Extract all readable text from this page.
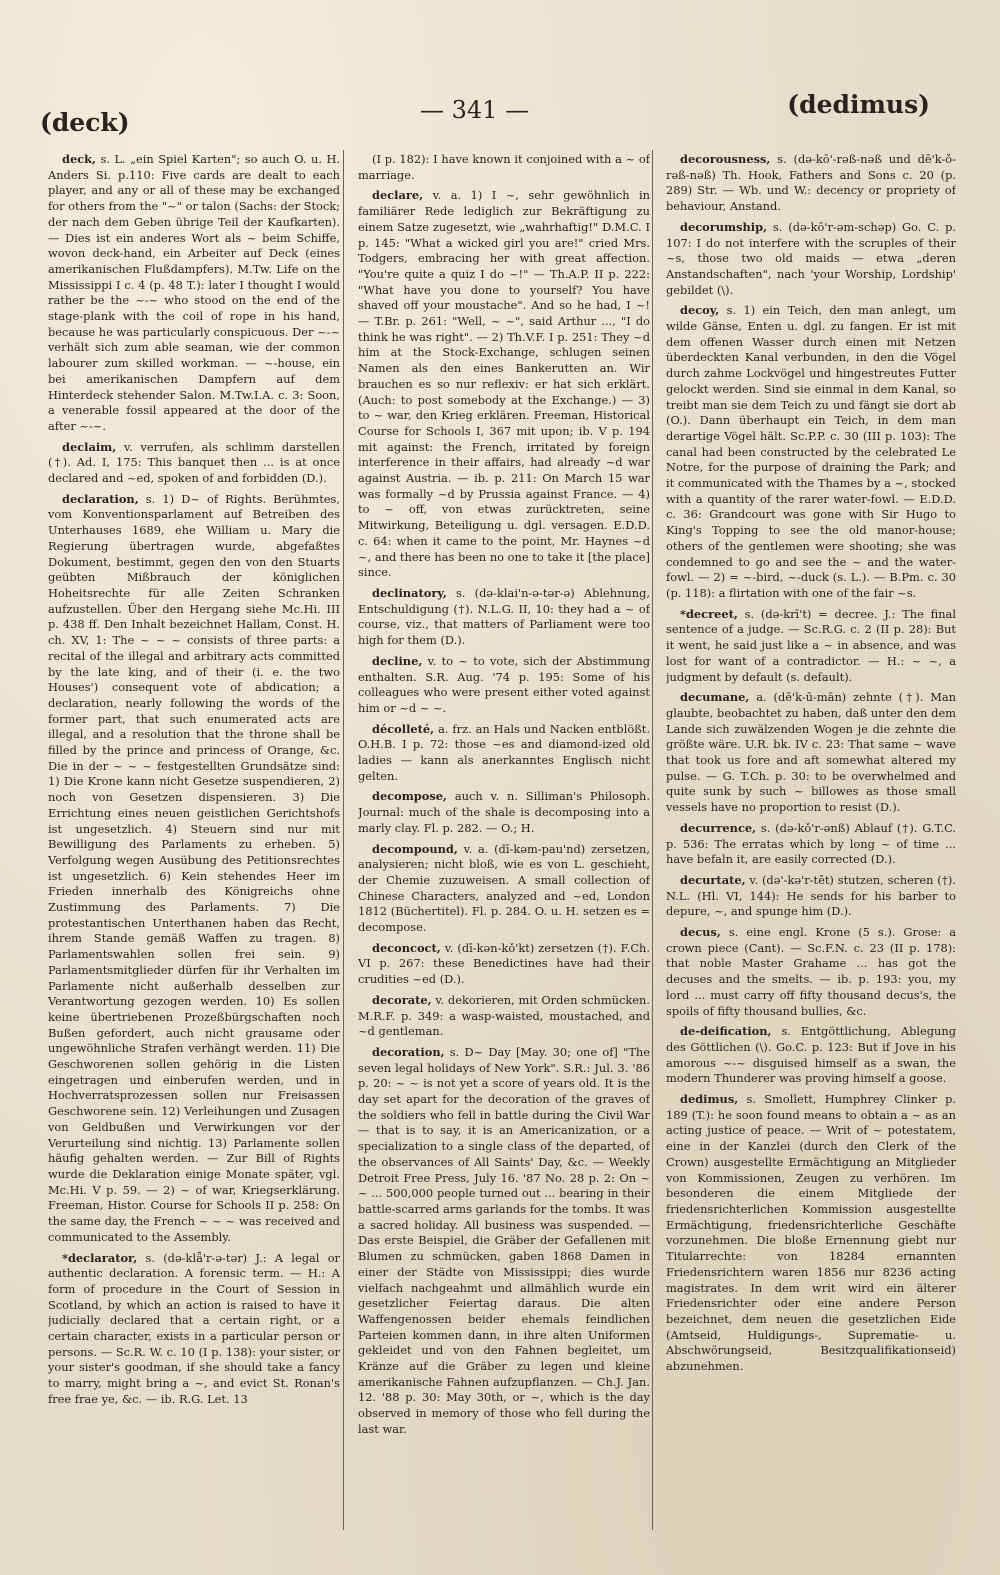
(deck)	— 341 —	(dedimus)

deck, s. L. „ein Spiel Karten"; so auch O. u. H. Anders Si. p.110: Five cards are dealt to each player, and any or all of these may be exchanged for others from the "~" or talon (Sachs: der Stock; der nach dem Geben übrige Teil der Kaufkarten). — Dies ist ein anderes Wort als ~ beim Schiffe, wovon deck-hand, ein Arbeiter auf Deck (eines amerikanischen Flußdampfers). M.Tw. Life on the Mississippi I c. 4 (p. 48 T.): later I thought I would rather be the ~-~ who stood on the end of the stage-plank with the coil of rope in his hand, because he was particularly conspicuous. Der ~-~ verhält sich zum able seaman, wie der common labourer zum skilled workman. — ~-house, ein bei amerikanischen Dampfern auf dem Hinterdeck stehender Salon. M.Tw.I.A. c. 3: Soon, a venerable fossil appeared at the door of the after ~-~.

declaim, v. verrufen, als schlimm darstellen (†). Ad. I, 175: This banquet then ... is at once declared and ~ed, spoken of and forbidden (D.).

declaration, s. 1) D~ of Rights. Berühmtes, vom Konventionsparlament auf Betreiben des Unterhauses 1689, ehe William u. Mary die Regierung übertragen wurde, abgefaßtes Dokument, bestimmt, gegen den von den Stuarts geübten Mißbrauch der königlichen Hoheitsrechte für alle Zeiten Schranken aufzustellen. Über den Hergang siehe Mc.Hi. III p. 438 ff. Den Inhalt bezeichnet Hallam, Const. H. ch. XV, 1: The ~ ~ ~ consists of three parts: a recital of the illegal and arbitrary acts committed by the late king, and of their (i. e. the two Houses') consequent vote of abdication; a declaration, nearly following the words of the former part, that such enumerated acts are illegal, and a resolution that the throne shall be filled by the prince and princess of Orange, &c. Die in der ~ ~ ~ festgestellten Grundsätze sind: 1) Die Krone kann nicht Gesetze suspendieren, 2) noch von Gesetzen dispensieren. 3) Die Errichtung eines neuen geistlichen Gerichtshofs ist ungesetzlich. 4) Steuern sind nur mit Bewilligung des Parlaments zu erheben. 5) Verfolgung wegen Ausübung des Petitionsrechtes ist ungesetzlich. 6) Kein stehendes Heer im Frieden innerhalb des Königreichs ohne Zustimmung des Parlaments. 7) Die protestantischen Unterthanen haben das Recht, ihrem Stande gemäß Waffen zu tragen. 8) Parlamentswahlen sollen frei sein. 9) Parlamentsmitglieder dürfen für ihr Verhalten im Parlamente nicht außerhalb desselben zur Verantwortung gezogen werden. 10) Es sollen keine übertriebenen Prozeßbürgschaften noch Bußen gefordert, auch nicht grausame oder ungewöhnliche Strafen verhängt werden. 11) Die Geschworenen sollen gehörig in die Listen eingetragen und einberufen werden, und in Hochverratsprozessen sollen nur Freisassen Geschworene sein. 12) Verleihungen und Zusagen von Geldbußen und Verwirkungen vor der Verurteilung sind nichtig. 13) Parlamente sollen häufig gehalten werden. — Zur Bill of Rights wurde die Deklaration einige Monate später, vgl. Mc.Hi. V p. 59. — 2) ~ of war, Kriegserklärung. Freeman, Histor. Course for Schools II p. 258: On the same day, the French ~ ~ ~ was received and communicated to the Assembly.

*declarator, s. (dǝ-klǟ'r-ǝ-tǝr) J.: A legal or authentic declaration. A forensic term. — H.: A form of procedure in the Court of Session in Scotland, by which an action is raised to have it judicially declared that a certain right, or a certain character, exists in a particular person or persons. — Sc.R. W. c. 10 (I p. 138): your sister, or your sister's goodman, if she should take a fancy to marry, might bring a ~, and evict St. Ronan's free frae ye, &c. — ib. R.G. Let. 13

(I p. 182): I have known it conjoined with a ~ of marriage.

declare, v. a. 1) I ~, sehr gewöhnlich in familiärer Rede lediglich zur Bekräftigung zu einem Satze zugesetzt, wie „wahrhaftig!" D.M.C. I p. 145: "What a wicked girl you are!" cried Mrs. Todgers, embracing her with great affection. "You're quite a quiz I do ~!" — Th.A.P. II p. 222: "What have you done to yourself? You have shaved off your moustache". And so he had, I ~! — T.Br. p. 261: "Well, ~ ~", said Arthur ..., "I do think he was right". — 2) Th.V.F. I p. 251: They ~d him at the Stock-Exchange, schlugen seinen Namen als den eines Bankerutten an. Wir brauchen es so nur reflexiv: er hat sich erklärt. (Auch: to post somebody at the Exchange.) — 3) to ~ war, den Krieg erklären. Freeman, Historical Course for Schools I, 367 mit upon; ib. V p. 194 mit against: the French, irritated by foreign interference in their affairs, had already ~d war against Austria. — ib. p. 211: On March 15 war was formally ~d by Prussia against France. — 4) to ~ off, von etwas zurücktreten, seine Mitwirkung, Beteiligung u. dgl. versagen. E.D.D. c. 64: when it came to the point, Mr. Haynes ~d ~, and there has been no one to take it [the place] since.

declinatory, s. (dǝ-klai'n-ǝ-tǝr-ǝ) Ablehnung, Entschuldigung (†). N.L.G. II, 10: they had a ~ of course, viz., that matters of Parliament were too high for them (D.).

decline, v. to ~ to vote, sich der Abstimmung enthalten. S.R. Aug. '74 p. 195: Some of his colleagues who were present either voted against him or ~d ~ ~.

décolleté, a. frz. an Hals und Nacken entblößt. O.H.B. I p. 72: those ~es and diamond-ized old ladies — kann als anerkanntes Englisch nicht gelten.

decompose, auch v. n. Silliman's Philosoph. Journal: much of the shale is decomposing into a marly clay. Fl. p. 282. — O.; H.

decompound, v. a. (dī-kǝm-pau'nd) zersetzen, analysieren; nicht bloß, wie es von L. geschieht, der Chemie zuzuweisen. A small collection of Chinese Characters, analyzed and ~ed, London 1812 (Büchertitel). Fl. p. 284. O. u. H. setzen es = decompose.

deconcoct, v. (dī-kǝn-kǒ'kt) zersetzen (†). F.Ch. VI p. 267: these Benedictines have had their crudities ~ed (D.).

decorate, v. dekorieren, mit Orden schmücken. M.R.F. p. 349: a wasp-waisted, moustached, and ~d gentleman.

decoration, s. D~ Day [May. 30; one of] "The seven legal holidays of New York". S.R.: Jul. 3. '86 p. 20: ~ ~ is not yet a score of years old. It is the day set apart for the decoration of the graves of the soldiers who fell in battle during the Civil War — that is to say, it is an Americanization, or a specialization to a single class of the departed, of the observances of All Saints' Day, &c. — Weekly Detroit Free Press, July 16. '87 No. 28 p. 2: On ~ ~ ... 500,000 people turned out ... bearing in their battle-scarred arms garlands for the tombs. It was a sacred holiday. All business was suspended. — Das erste Beispiel, die Gräber der Gefallenen mit Blumen zu schmücken, gaben 1868 Damen in einer der Städte von Mississippi; dies wurde vielfach nachgeahmt und allmählich wurde ein gesetzlicher Feiertag daraus. Die alten Waffengenossen beider ehemals feindlichen Parteien kommen dann, in ihre alten Uniformen gekleidet und von den Fahnen begleitet, um Kränze auf die Gräber zu legen und kleine amerikanische Fahnen aufzupflanzen. — Ch.J. Jan. 12. '88 p. 30: May 30th, or ~, which is the day observed in memory of those who fell during the last war.

decorousness, s. (dǝ-kō'-rǝß-nǝß und dē'k-ǒ-rǝß-nǝß) Th. Hook, Fathers and Sons c. 20 (p. 289) Str. — Wb. und W.: decency or propriety of behaviour, Anstand.

decorumship, s. (dǝ-kō'r-ǝm-schǝp) Go. C. p. 107: I do not interfere with the scruples of their ~s, those two old maids — etwa „deren Anstandschaften", nach 'your Worship, Lordship' gebildet (\).

decoy, s. 1) ein Teich, den man anlegt, um wilde Gänse, Enten u. dgl. zu fangen. Er ist mit dem offenen Wasser durch einen mit Netzen überdeckten Kanal verbunden, in den die Vögel durch zahme Lockvögel und hingestreutes Futter gelockt werden. Sind sie einmal in dem Kanal, so treibt man sie dem Teich zu und fängt sie dort ab (O.). Dann überhaupt ein Teich, in dem man derartige Vögel hält. Sc.P.P. c. 30 (III p. 103): The canal had been constructed by the celebrated Le Notre, for the purpose of draining the Park; and it communicated with the Thames by a ~, stocked with a quantity of the rarer water-fowl. — E.D.D. c. 36: Grandcourt was gone with Sir Hugo to King's Topping to see the old manor-house; others of the gentlemen were shooting; she was condemned to go and see the ~ and the water-fowl. — 2) = ~-bird, ~-duck (s. L.). — B.Pm. c. 30 (p. 118): a flirtation with one of the fair ~s.

*decreet, s. (dǝ-krī't) = decree. J.: The final sentence of a judge. — Sc.R.G. c. 2 (II p. 28): But it went, he said just like a ~ in absence, and was lost for want of a contradictor. — H.: ~ ~, a judgment by default (s. default).

decumane, a. (dē'k-ū-mān) zehnte (†). Man glaubte, beobachtet zu haben, daß unter den dem Lande sich zuwälzenden Wogen je die zehnte die größte wäre. U.R. bk. IV c. 23: That same ~ wave that took us fore and aft somewhat altered my pulse. — G. T.Ch. p. 30: to be overwhelmed and quite sunk by such ~ billowes as those small vessels have no proportion to resist (D.).

decurrence, s. (dǝ-kǒ'r-ǝnß) Ablauf (†). G.T.C. p. 536: The erratas which by long ~ of time ... have befaln it, are easily corrected (D.).

decurtate, v. (dǝ'-kǝ'r-tēt) stutzen, scheren (†). N.L. (Hl. VI, 144): He sends for his barber to depure, ~, and spunge him (D.).

decus, s. eine engl. Krone (5 s.). Grose: a crown piece (Cant). — Sc.F.N. c. 23 (II p. 178): that noble Master Grahame ... has got the decuses and the smelts. — ib. p. 193: you, my lord ... must carry off fifty thousand decus's, the spoils of fifty thousand bullies, &c.

de-deification, s. Entgöttlichung, Ablegung des Göttlichen (\). Go.C. p. 123: But if Jove in his amorous ~-~ disguised himself as a swan, the modern Thunderer was proving himself a goose.

dedimus, s. Smollett, Humphrey Clinker p. 189 (T.): he soon found means to obtain a ~ as an acting justice of peace. — Writ of ~ potestatem, eine in der Kanzlei (durch den Clerk of the Crown) ausgestellte Ermächtigung an Mitglieder von Kommissionen, Zeugen zu verhören. Im besonderen die einem Mitgliede der friedensrichterlichen Kommission ausgestellte Ermächtigung, friedensrichterliche Geschäfte vorzunehmen. Die bloße Ernennung giebt nur Titularrechte: von 18284 ernannten Friedensrichtern waren 1856 nur 8236 acting magistrates. In dem writ wird ein älterer Friedensrichter oder eine andere Person bezeichnet, dem neuen die gesetzlichen Eide (Amtseid, Huldigungs-, Suprematie- u. Abschwörungseid, Besitzqualifikationseid) abzunehmen.
